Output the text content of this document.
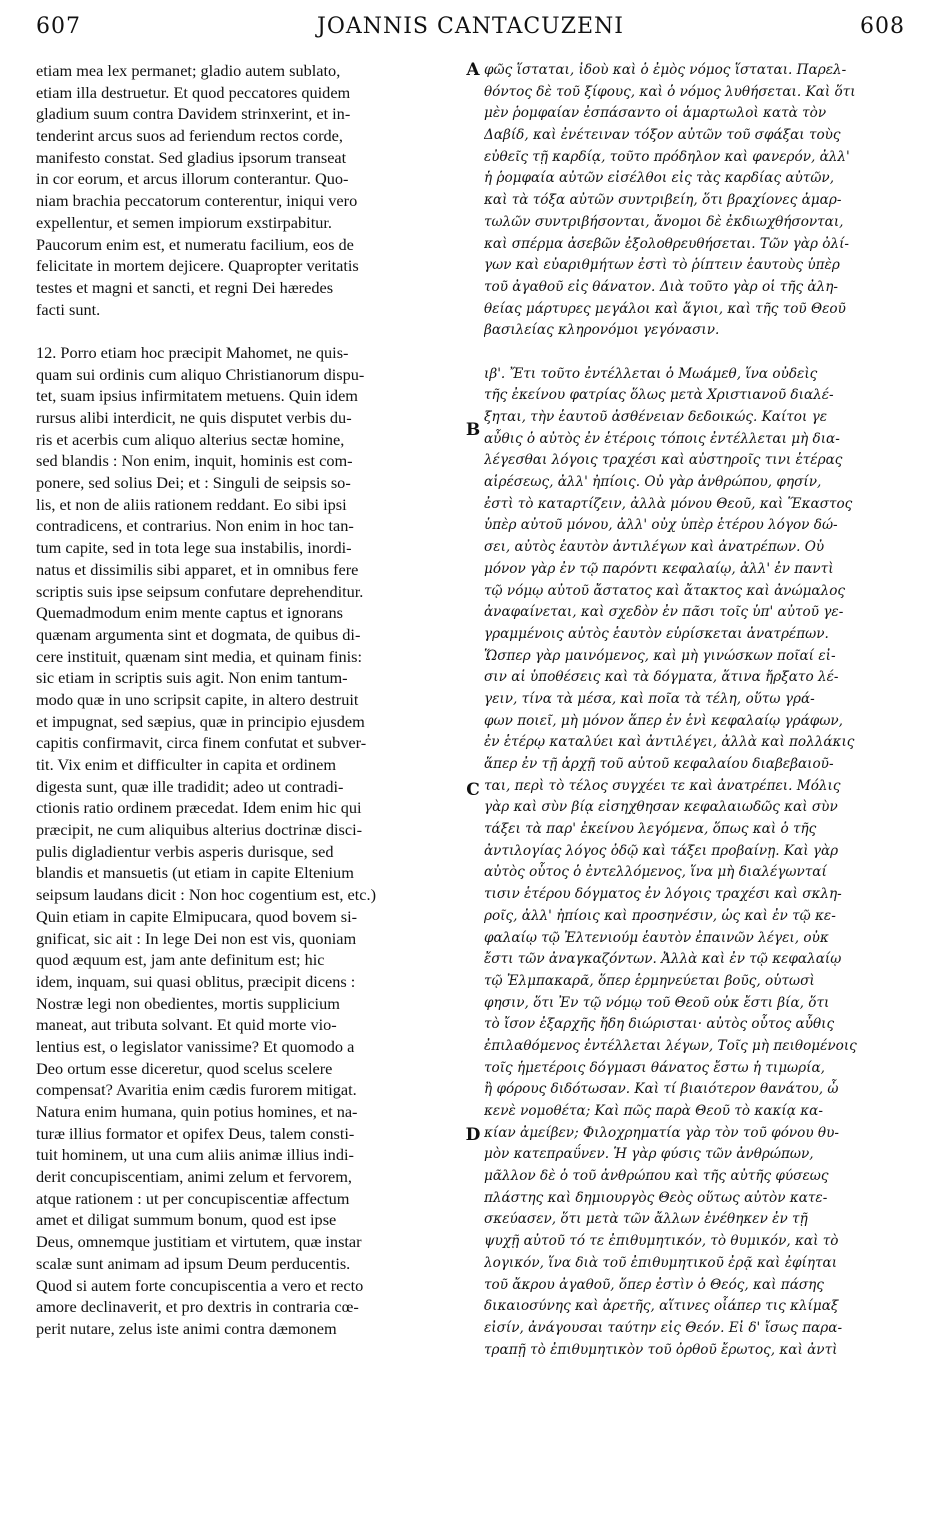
607	JOANNIS CANTACUZENI	608
etiam mea lex permanet; gladio autem sublato,
etiam illa destruetur. Et quod peccatores quidem
gladium suum contra Davidem strinxerint, et in-
tenderint arcus suos ad feriendum rectos corde,
manifesto constat. Sed gladius ipsorum transeat
in cor eorum, et arcus illorum conterantur. Quo-
niam brachia peccatorum conterentur, iniqui vero
expellentur, et semen impiorum exstirpabitur.
Paucorum enim est, et numeratu facilium, eos de
felicitate in mortem dejicere. Quapropter veritatis
testes et magni et sancti, et regni Dei hæredes
facti sunt.
12. Porro etiam hoc præcipit Mahomet, ne quis-
quam sui ordinis cum aliquo Christianorum dispu-
tet, suam ipsius infirmitatem metuens. Quin idem
rursus alibi interdicit, ne quis disputet verbis du-
ris et acerbis cum aliquo alterius sectæ homine,
sed blandis : Non enim, inquit, hominis est com-
ponere, sed solius Dei; et : Singuli de seipsis so-
lis, et non de aliis rationem reddant. Eo sibi ipsi
contradicens, et contrarius. Non enim in hoc tan-
tum capite, sed in tota lege sua instabilis, inordi-
natus et dissimilis sibi apparet, et in omnibus fere
scriptis suis ipse seipsum confutare deprehenditur.
Quemadmodum enim mente captus et ignorans
quænam argumenta sint et dogmata, de quibus di-
cere instituit, quænam sint media, et quinam finis:
sic etiam in scriptis suis agit. Non enim tantum-
modo quæ in uno scripsit capite, in altero destruit
et impugnat, sed sæpius, quæ in principio ejusdem
capitis confirmavit, circa finem confutat et subver-
tit. Vix enim et difficulter in capita et ordinem
digesta sunt, quæ ille tradidit; adeo ut contradi-
ctionis ratio ordinem præcedat. Idem enim hic qui
præcipit, ne cum aliquibus alterius doctrinæ disci-
pulis digladientur verbis asperis durisque, sed
blandis et mansuetis (ut etiam in capite Eltenium
seipsum laudans dicit : Non hoc cogentium est, etc.)
Quin etiam in capite Elmipucara, quod bovem si-
gnificat, sic ait : In lege Dei non est vis, quoniam
quod æquum est, jam ante definitum est; hic
idem, inquam, sui quasi oblitus, præcipit dicens :
Nostræ legi non obedientes, mortis supplicium
maneat, aut tributa solvant. Et quid morte vio-
lentius est, o legislator vanissime? Et quomodo a
Deo ortum esse diceretur, quod scelus scelere
compensat? Avaritia enim cædis furorem mitigat.
Natura enim humana, quin potius homines, et na-
turæ illius formator et opifex Deus, talem consti-
tuit hominem, ut una cum aliis animæ illius indi-
derit concupiscentiam, animi zelum et fervorem,
atque rationem : ut per concupiscentiæ affectum
amet et diligat summum bonum, quod est ipse
Deus, omnemque justitiam et virtutem, quæ instar
scalæ sunt animam ad ipsum Deum perducentis.
Quod si autem forte concupiscentia a vero et recto
amore declinaverit, et pro dextris in contraria cœ-
perit nutare, zelus iste animi contra dæmonem
A
B
C
D
φῶς ἵσταται, ἰδοὺ καὶ ὁ ἐμὸς νόμος ἵσταται. Παρελ-
θόντος δὲ τοῦ ξίφους, καὶ ὁ νόμος λυθήσεται. Καὶ ὅτι
μὲν ῥομφαίαν ἐσπάσαντο οἱ ἁμαρτωλοὶ κατὰ τὸν
Δαβίδ, καὶ ἐνέτειναν τόξον αὐτῶν τοῦ σφάξαι τοὺς
εὐθεῖς τῇ καρδίᾳ, τοῦτο πρόδηλον καὶ φανερόν, ἀλλ'
ἡ ῥομφαία αὐτῶν εἰσέλθοι εἰς τὰς καρδίας αὐτῶν,
καὶ τὰ τόξα αὐτῶν συντριβείη, ὅτι βραχίονες ἁμαρ-
τωλῶν συντριβήσονται, ἄνομοι δὲ ἐκδιωχθήσονται,
καὶ σπέρμα ἀσεβῶν ἐξολοθρευθήσεται. Τῶν γὰρ ὀλί-
γων καὶ εὐαριθμήτων ἐστὶ τὸ ῥίπτειν ἑαυτοὺς ὑπὲρ
τοῦ ἀγαθοῦ εἰς θάνατον. Διὰ τοῦτο γὰρ οἱ τῆς ἀλη-
θείας μάρτυρες μεγάλοι καὶ ἅγιοι, καὶ τῆς τοῦ Θεοῦ
βασιλείας κληρονόμοι γεγόνασιν.
ιβ'. Ἔτι τοῦτο ἐντέλλεται ὁ Μωάμεθ, ἵνα οὐδεὶς
τῆς ἐκείνου φατρίας ὅλως μετὰ Χριστιανοῦ διαλέ-
ξηται, τὴν ἑαυτοῦ ἀσθένειαν δεδοικώς. Καίτοι γε
αὖθις ὁ αὐτὸς ἐν ἑτέροις τόποις ἐντέλλεται μὴ δια-
λέγεσθαι λόγοις τραχέσι καὶ αὐστηροῖς τινι ἑτέρας
αἱρέσεως, ἀλλ' ἠπίοις. Οὐ γὰρ ἀνθρώπου, φησίν,
ἐστὶ τὸ καταρτίζειν, ἀλλὰ μόνου Θεοῦ, καὶ Ἕκαστος
ὑπὲρ αὐτοῦ μόνου, ἀλλ' οὐχ ὑπὲρ ἑτέρου λόγον δώ-
σει, αὐτὸς ἑαυτὸν ἀντιλέγων καὶ ἀνατρέπων. Οὐ
μόνον γὰρ ἐν τῷ παρόντι κεφαλαίῳ, ἀλλ' ἐν παντὶ
τῷ νόμῳ αὐτοῦ ἄστατος καὶ ἄτακτος καὶ ἀνώμαλος
ἀναφαίνεται, καὶ σχεδὸν ἐν πᾶσι τοῖς ὑπ' αὐτοῦ γε-
γραμμένοις αὐτὸς ἑαυτὸν εὑρίσκεται ἀνατρέπων.
Ὥσπερ γὰρ μαινόμενος, καὶ μὴ γινώσκων ποῖαί εἰ-
σιν αἱ ὑποθέσεις καὶ τὰ δόγματα, ἅτινα ἤρξατο λέ-
γειν, τίνα τὰ μέσα, καὶ ποῖα τὰ τέλη, οὕτω γρά-
φων ποιεῖ, μὴ μόνον ἅπερ ἐν ἑνὶ κεφαλαίῳ γράφων,
ἐν ἑτέρῳ καταλύει καὶ ἀντιλέγει, ἀλλὰ καὶ πολλάκις
ἅπερ ἐν τῇ ἀρχῇ τοῦ αὐτοῦ κεφαλαίου διαβεβαιοῦ-
ται, περὶ τὸ τέλος συγχέει τε καὶ ἀνατρέπει. Μόλις
γὰρ καὶ σὺν βίᾳ εἰσηχθησαν κεφαλαιωδῶς καὶ σὺν
τάξει τὰ παρ' ἐκείνου λεγόμενα, ὅπως καὶ ὁ τῆς
ἀντιλογίας λόγος ὁδῷ καὶ τάξει προβαίνῃ. Καὶ γὰρ
αὐτὸς οὗτος ὁ ἐντελλόμενος, ἵνα μὴ διαλέγωνταί
τισιν ἑτέρου δόγματος ἐν λόγοις τραχέσι καὶ σκλη-
ροῖς, ἀλλ' ἠπίοις καὶ προσηνέσιν, ὡς καὶ ἐν τῷ κε-
φαλαίῳ τῷ Ἐλτενιούμ ἑαυτὸν ἐπαινῶν λέγει, οὐκ
ἔστι τῶν ἀναγκαζόντων. Ἀλλὰ καὶ ἐν τῷ κεφαλαίῳ
τῷ Ἐλμπακαρᾶ, ὅπερ ἑρμηνεύεται βοῦς, οὑτωσὶ
φησιν, ὅτι Ἐν τῷ νόμῳ τοῦ Θεοῦ οὐκ ἔστι βία, ὅτι
τὸ ἴσον ἐξαρχῆς ἤδη διώρισται· αὐτὸς οὗτος αὖθις
ἐπιλαθόμενος ἐντέλλεται λέγων, Τοῖς μὴ πειθομένοις
τοῖς ἡμετέροις δόγμασι θάνατος ἔστω ἡ τιμωρία,
ἢ φόρους διδότωσαν. Καὶ τί βιαιότερον θανάτου, ὦ
κενὲ νομοθέτα; Καὶ πῶς παρὰ Θεοῦ τὸ κακίᾳ κα-
κίαν ἀμείβεν; Φιλοχρηματία γὰρ τὸν τοῦ φόνου θυ-
μὸν κατεπραΰνεν. Ἡ γὰρ φύσις τῶν ἀνθρώπων,
μᾶλλον δὲ ὁ τοῦ ἀνθρώπου καὶ τῆς αὐτῆς φύσεως
πλάστης καὶ δημιουργὸς Θεὸς οὕτως αὐτὸν κατε-
σκεύασεν, ὅτι μετὰ τῶν ἄλλων ἐνέθηκεν ἐν τῇ
ψυχῇ αὐτοῦ τό τε ἐπιθυμητικόν, τὸ θυμικόν, καὶ τὸ
λογικόν, ἵνα διὰ τοῦ ἐπιθυμητικοῦ ἐρᾷ καὶ ἐφίηται
τοῦ ἄκρου ἀγαθοῦ, ὅπερ ἐστὶν ὁ Θεός, καὶ πάσης
δικαιοσύνης καὶ ἀρετῆς, αἵτινες οἷάπερ τις κλίμαξ
εἰσίν, ἀνάγουσαι ταύτην εἰς Θεόν. Εἰ δ' ἴσως παρα-
τραπῇ τὸ ἐπιθυμητικὸν τοῦ ὀρθοῦ ἔρωτος, καὶ ἀντὶ
